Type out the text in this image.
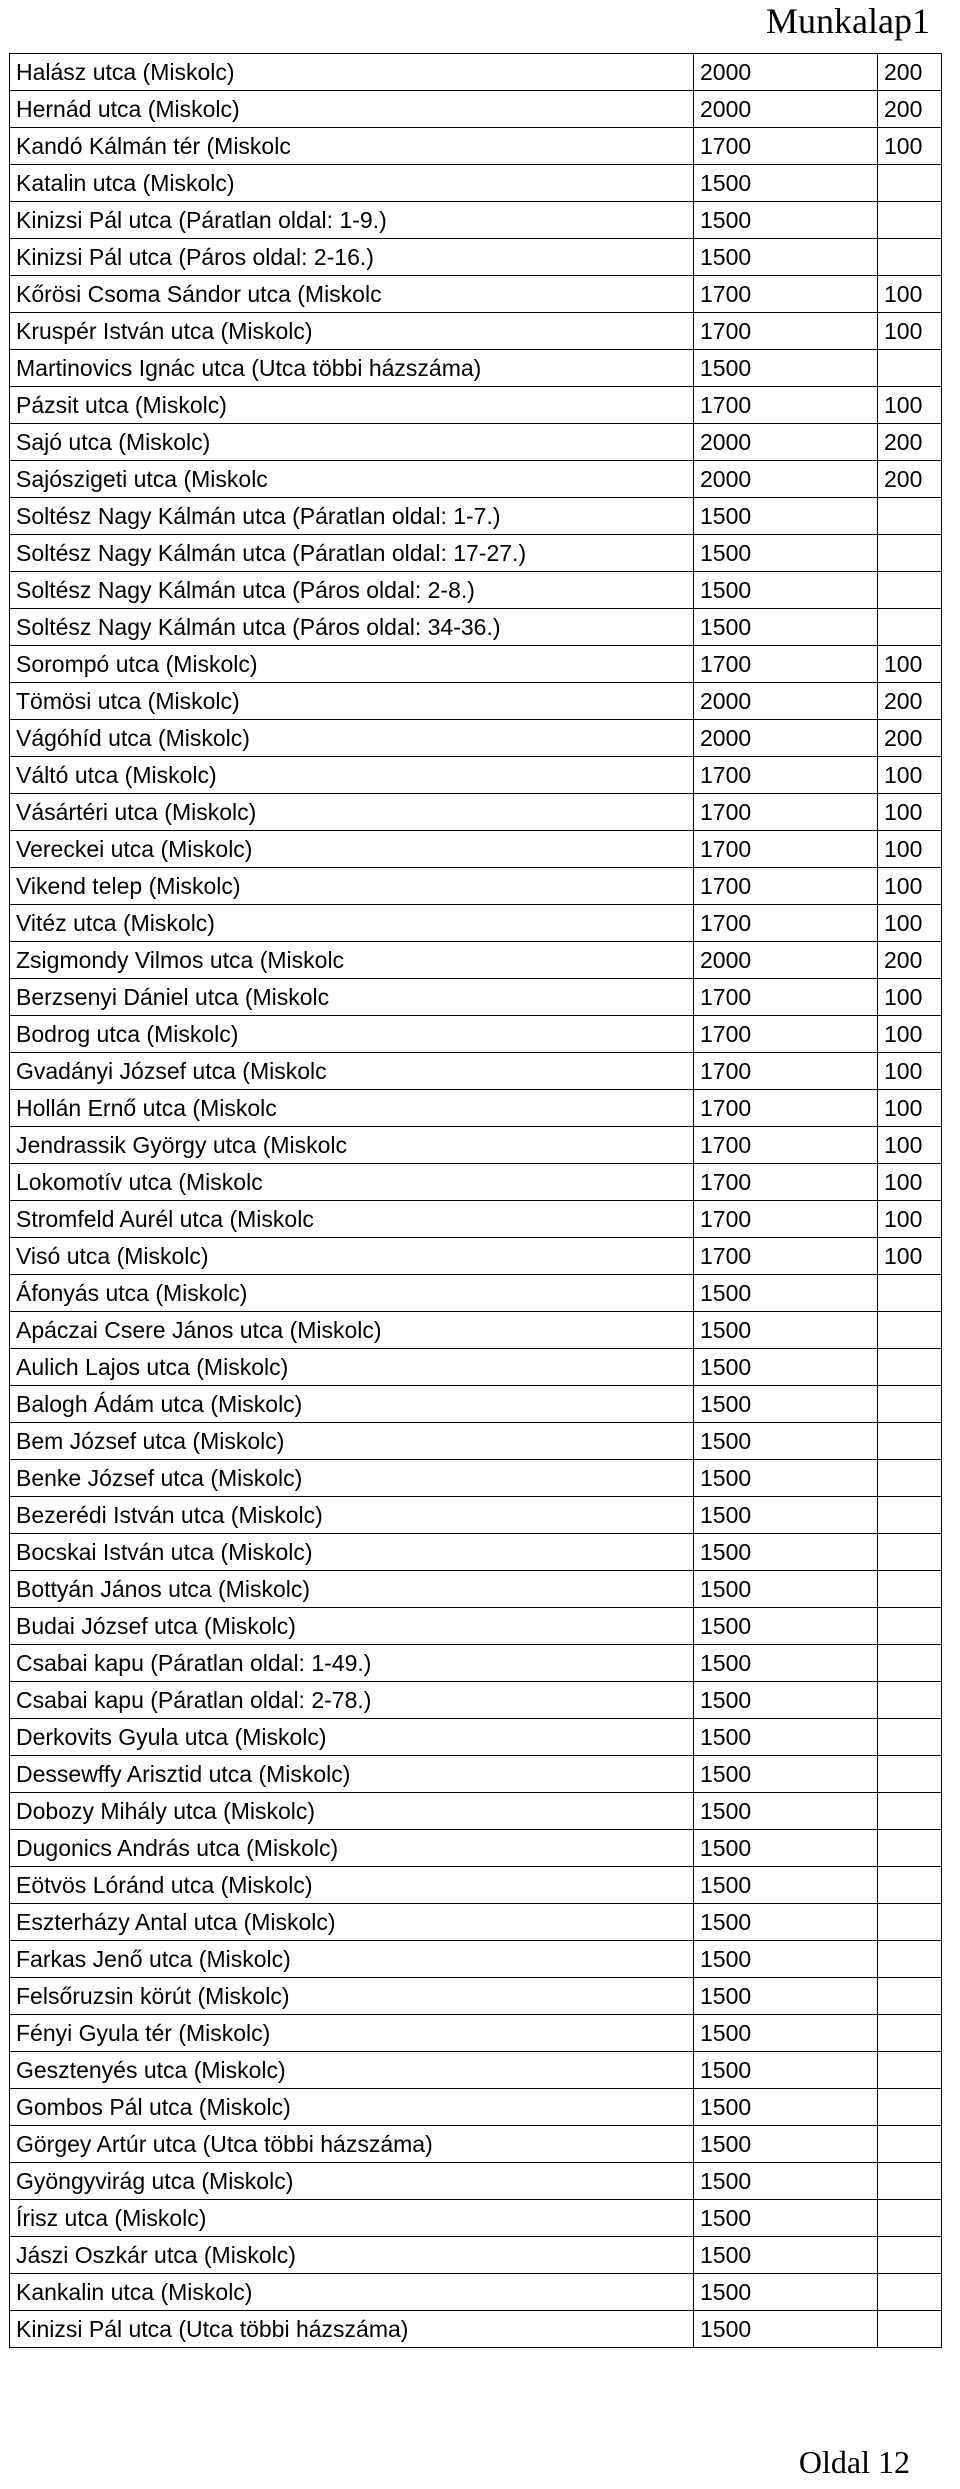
Munkalap1
Halász utca (Miskolc)	2000	200
Hernád utca (Miskolc)	2000	200
Kandó Kálmán tér (Miskolc	1700	100
Katalin utca (Miskolc)	1500	
Kinizsi Pál utca (Páratlan oldal: 1-9.)	1500	
Kinizsi Pál utca (Páros oldal: 2-16.)	1500	
Kőrösi Csoma Sándor utca (Miskolc	1700	100
Kruspér István utca (Miskolc)	1700	100
Martinovics Ignác utca (Utca többi házszáma)	1500	
Pázsit utca (Miskolc)	1700	100
Sajó utca (Miskolc)	2000	200
Sajószigeti utca (Miskolc	2000	200
Soltész Nagy Kálmán utca (Páratlan oldal: 1-7.)	1500	
Soltész Nagy Kálmán utca (Páratlan oldal: 17-27.)	1500	
Soltész Nagy Kálmán utca (Páros oldal: 2-8.)	1500	
Soltész Nagy Kálmán utca (Páros oldal: 34-36.)	1500	
Sorompó utca (Miskolc)	1700	100
Tömösi utca (Miskolc)	2000	200
Vágóhíd utca (Miskolc)	2000	200
Váltó utca (Miskolc)	1700	100
Vásártéri utca (Miskolc)	1700	100
Vereckei utca (Miskolc)	1700	100
Vikend telep (Miskolc)	1700	100
Vitéz utca (Miskolc)	1700	100
Zsigmondy Vilmos utca (Miskolc	2000	200
Berzsenyi Dániel utca (Miskolc	1700	100
Bodrog utca (Miskolc)	1700	100
Gvadányi József utca (Miskolc	1700	100
Hollán Ernő utca (Miskolc	1700	100
Jendrassik György utca (Miskolc	1700	100
Lokomotív utca (Miskolc	1700	100
Stromfeld Aurél utca (Miskolc	1700	100
Visó utca (Miskolc)	1700	100
Áfonyás utca (Miskolc)	1500	
Apáczai Csere János utca (Miskolc)	1500	
Aulich Lajos utca (Miskolc)	1500	
Balogh Ádám utca (Miskolc)	1500	
Bem József utca (Miskolc)	1500	
Benke József utca (Miskolc)	1500	
Bezerédi István utca (Miskolc)	1500	
Bocskai István utca (Miskolc)	1500	
Bottyán János utca (Miskolc)	1500	
Budai József utca (Miskolc)	1500	
Csabai kapu (Páratlan oldal: 1-49.)	1500	
Csabai kapu (Páratlan oldal: 2-78.)	1500	
Derkovits Gyula utca (Miskolc)	1500	
Dessewffy Arisztid utca (Miskolc)	1500	
Dobozy Mihály utca (Miskolc)	1500	
Dugonics András utca (Miskolc)	1500	
Eötvös Lóránd utca (Miskolc)	1500	
Eszterházy Antal utca (Miskolc)	1500	
Farkas Jenő utca (Miskolc)	1500	
Felsőruzsin körút (Miskolc)	1500	
Fényi Gyula tér (Miskolc)	1500	
Gesztenyés utca (Miskolc)	1500	
Gombos Pál utca (Miskolc)	1500	
Görgey Artúr utca (Utca többi házszáma)	1500	
Gyöngyvirág utca (Miskolc)	1500	
Írisz utca (Miskolc)	1500	
Jászi Oszkár utca (Miskolc)	1500	
Kankalin utca (Miskolc)	1500	
Kinizsi Pál utca (Utca többi házszáma)	1500	
Oldal 12
